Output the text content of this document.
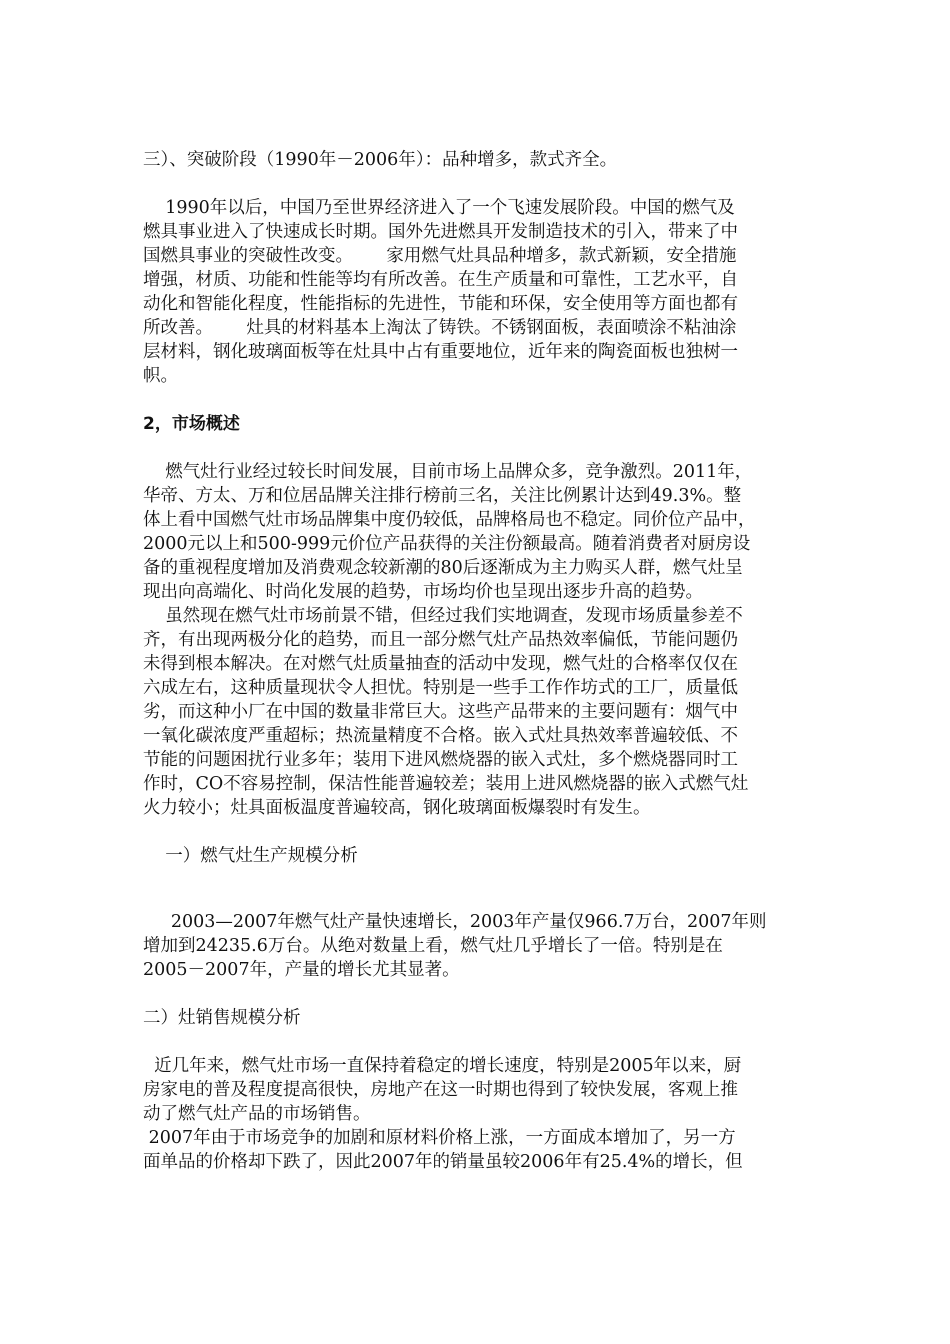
三）、突破阶段（1990年－2006年）：品种增多，款式齐全。

1990年以后，中国乃至世界经济进入了一个飞速发展阶段。中国的燃气及

燃具事业进入了快速成长时期。国外先进燃具开发制造技术的引入，带来了中

国燃具事业的突破性改变。      家用燃气灶具品种增多，款式新颖，安全措施

增强，材质、功能和性能等均有所改善。在生产质量和可靠性，工艺水平，自

动化和智能化程度，性能指标的先进性，节能和环保，安全使用等方面也都有

所改善。      灶具的材料基本上淘汰了铸铁。不锈钢面板，表面喷涂不粘油涂

层材料，钢化玻璃面板等在灶具中占有重要地位，近年来的陶瓷面板也独树一

帜。

2，市场概述

燃气灶行业经过较长时间发展，目前市场上品牌众多，竞争激烈。2011年，

华帝、方太、万和位居品牌关注排行榜前三名，关注比例累计达到49.3%。整

体上看中国燃气灶市场品牌集中度仍较低，品牌格局也不稳定。同价位产品中，

2000元以上和500-999元价位产品获得的关注份额最高。随着消费者对厨房设

备的重视程度增加及消费观念较新潮的80后逐渐成为主力购买人群，燃气灶呈

现出向高端化、时尚化发展的趋势，市场均价也呈现出逐步升高的趋势。

虽然现在燃气灶市场前景不错，但经过我们实地调查，发现市场质量参差不

齐，有出现两极分化的趋势，而且一部分燃气灶产品热效率偏低，节能问题仍

未得到根本解决。在对燃气灶质量抽查的活动中发现，燃气灶的合格率仅仅在

六成左右，这种质量现状令人担忧。特别是一些手工作作坊式的工厂，质量低

劣，而这种小厂在中国的数量非常巨大。这些产品带来的主要问题有：烟气中

一氧化碳浓度严重超标；热流量精度不合格。嵌入式灶具热效率普遍较低、不

节能的问题困扰行业多年；装用下进风燃烧器的嵌入式灶，多个燃烧器同时工

作时，CO不容易控制，保洁性能普遍较差；装用上进风燃烧器的嵌入式燃气灶

火力较小；灶具面板温度普遍较高，钢化玻璃面板爆裂时有发生。

一）燃气灶生产规模分析

2003—2007年燃气灶产量快速增长，2003年产量仅966.7万台，2007年则

增加到24235.6万台。从绝对数量上看，燃气灶几乎增长了一倍。特别是在

2005－2007年，产量的增长尤其显著。

二）灶销售规模分析

近几年来，燃气灶市场一直保持着稳定的增长速度，特别是2005年以来，厨

房家电的普及程度提高很快，房地产在这一时期也得到了较快发展，客观上推

动了燃气灶产品的市场销售。

2007年由于市场竞争的加剧和原材料价格上涨，一方面成本增加了，另一方

面单品的价格却下跌了，因此2007年的销量虽较2006年有25.4%的增长，但
